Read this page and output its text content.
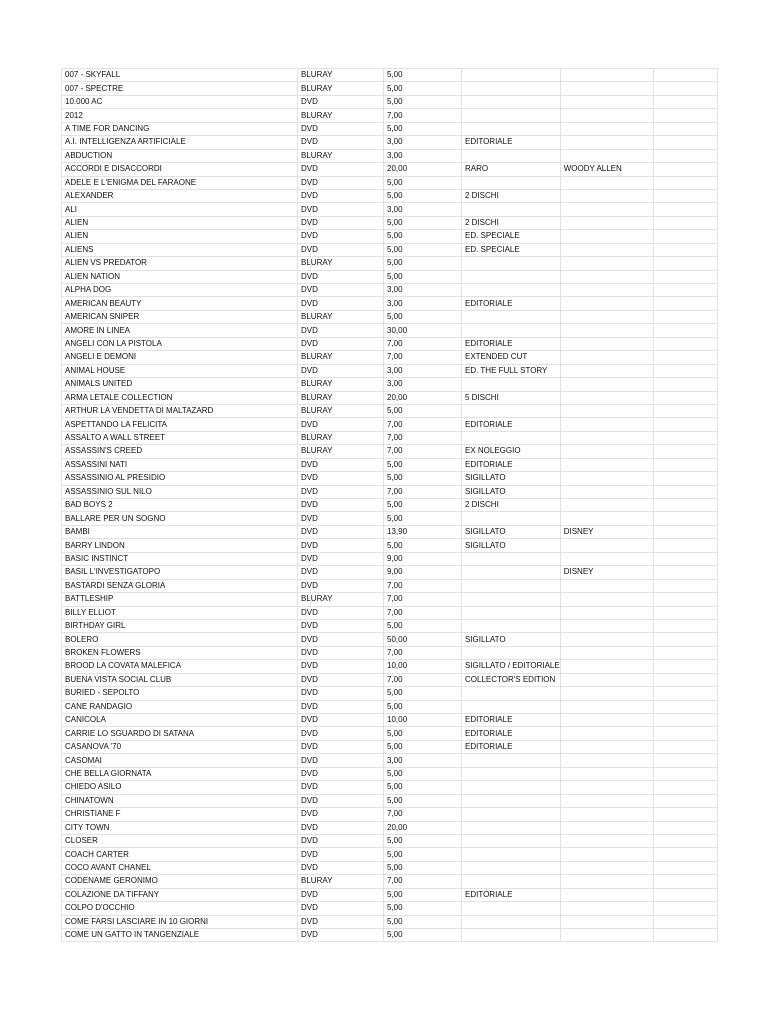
007 - SKYFALL	BLURAY	5,00			
007 - SPECTRE	BLURAY	5,00			
10.000 AC	DVD	5,00			
2012	BLURAY	7,00			
A TIME FOR DANCING	DVD	5,00			
A.I. INTELLIGENZA ARTIFICIALE	DVD	3,00	EDITORIALE		
ABDUCTION	BLURAY	3,00			
ACCORDI E DISACCORDI	DVD	20,00	RARO	WOODY ALLEN	
ADELE E L'ENIGMA DEL FARAONE	DVD	5,00			
ALEXANDER	DVD	5,00	2 DISCHI		
ALI	DVD	3,00			
ALIEN	DVD	5,00	2 DISCHI		
ALIEN	DVD	5,00	ED. SPECIALE		
ALIENS	DVD	5,00	ED. SPECIALE		
ALIEN VS PREDATOR	BLURAY	5,00			
ALIEN NATION	DVD	5,00			
ALPHA DOG	DVD	3,00			
AMERICAN BEAUTY	DVD	3,00	EDITORIALE		
AMERICAN SNIPER	BLURAY	5,00			
AMORE IN LINEA	DVD	30,00			
ANGELI CON LA PISTOLA	DVD	7,00	EDITORIALE		
ANGELI E DEMONI	BLURAY	7,00	EXTENDED CUT		
ANIMAL HOUSE	DVD	3,00	ED. THE FULL STORY		
ANIMALS UNITED	BLURAY	3,00			
ARMA LETALE COLLECTION	BLURAY	20,00	5 DISCHI		
ARTHUR LA VENDETTA DI MALTAZARD	BLURAY	5,00			
ASPETTANDO LA FELICITA	DVD	7,00	EDITORIALE		
ASSALTO A WALL STREET	BLURAY	7,00			
ASSASSIN'S CREED	BLURAY	7,00	EX NOLEGGIO		
ASSASSINI NATI	DVD	5,00	EDITORIALE		
ASSASSINIO AL PRESIDIO	DVD	5,00	SIGILLATO		
ASSASSINIO SUL NILO	DVD	7,00	SIGILLATO		
BAD BOYS 2	DVD	5,00	2 DISCHI		
BALLARE PER UN SOGNO	DVD	5,00			
BAMBI	DVD	13,90	SIGILLATO	DISNEY	
BARRY LINDON	DVD	5,00	SIGILLATO		
BASIC INSTINCT	DVD	9,00			
BASIL L'INVESTIGATOPO	DVD	9,00		DISNEY	
BASTARDI SENZA GLORIA	DVD	7,00			
BATTLESHIP	BLURAY	7,00			
BILLY ELLIOT	DVD	7,00			
BIRTHDAY GIRL	DVD	5,00			
BOLERO	DVD	50,00	SIGILLATO		
BROKEN FLOWERS	DVD	7,00			
BROOD LA COVATA MALEFICA	DVD	10,00	SIGILLATO / EDITORIALE		
BUENA VISTA SOCIAL CLUB	DVD	7,00	COLLECTOR'S EDITION		
BURIED - SEPOLTO	DVD	5,00			
CANE RANDAGIO	DVD	5,00			
CANICOLA	DVD	10,00	EDITORIALE		
CARRIE LO SGUARDO DI SATANA	DVD	5,00	EDITORIALE		
CASANOVA '70	DVD	5,00	EDITORIALE		
CASOMAI	DVD	3,00			
CHE BELLA GIORNATA	DVD	5,00			
CHIEDO ASILO	DVD	5,00			
CHINATOWN	DVD	5,00			
CHRISTIANE F	DVD	7,00			
CITY TOWN	DVD	20,00			
CLOSER	DVD	5,00			
COACH CARTER	DVD	5,00			
COCO AVANT CHANEL	DVD	5,00			
CODENAME GERONIMO	BLURAY	7,00			
COLAZIONE DA TIFFANY	DVD	5,00	EDITORIALE		
COLPO D'OCCHIO	DVD	5,00			
COME FARSI LASCIARE IN 10 GIORNI	DVD	5,00			
COME UN GATTO IN TANGENZIALE	DVD	5,00			
